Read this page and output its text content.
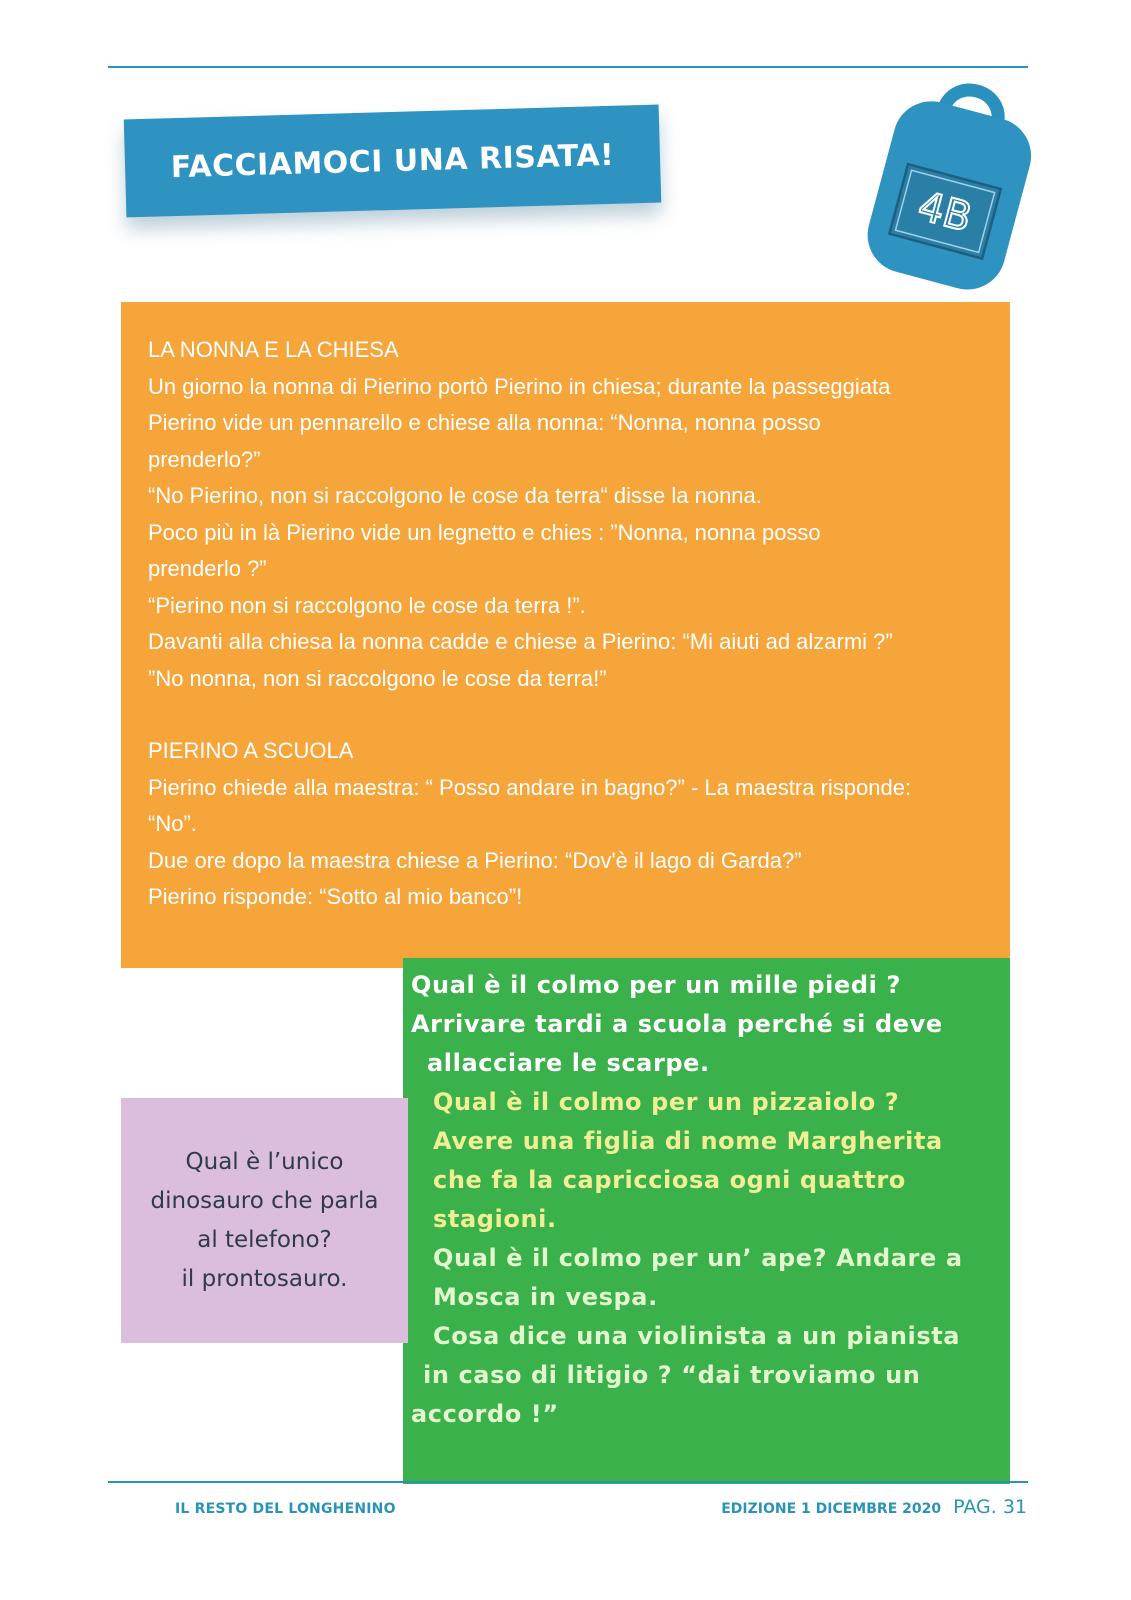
FACCIAMOCI UNA RISATA!
4B

LA NONNA E LA CHIESA

Un giorno la nonna di Pierino portò Pierino in chiesa; durante la passeggiata

Pierino vide un pennarello e chiese alla nonna: “Nonna, nonna posso

prenderlo?”

“No Pierino, non si raccolgono le cose da terra“ disse la nonna.

Poco più in là Pierino vide un legnetto e chies : ”Nonna, nonna posso

prenderlo ?”

“Pierino non si raccolgono le cose da terra !”.

Davanti alla chiesa la nonna cadde e chiese a Pierino: “Mi aiuti ad alzarmi ?”

”No nonna, non si raccolgono le cose da terra!”

PIERINO A SCUOLA

Pierino chiede alla maestra: “ Posso andare in bagno?” - La maestra risponde:

“No”.

Due ore dopo la maestra chiese a Pierino: “Dov'è il lago di Garda?”

Pierino risponde: “Sotto al mio banco”!

Qual è il colmo per un mille piedi ?

Arrivare tardi a scuola perché si deve

allacciare le scarpe.

Qual è il colmo per un pizzaiolo ?

Avere una figlia di nome Margherita

che fa la capricciosa ogni quattro

stagioni.

Qual è il colmo per un’ ape? Andare a

Mosca in vespa.

Cosa dice una violinista a un pianista

in caso di litigio ? “dai troviamo un

accordo !”

Qual è l’unico

dinosauro che parla

al telefono?

il prontosauro.

IL RESTO DEL LONGHENINO	EDIZIONE 1 DICEMBRE 2020 PAG. 31
